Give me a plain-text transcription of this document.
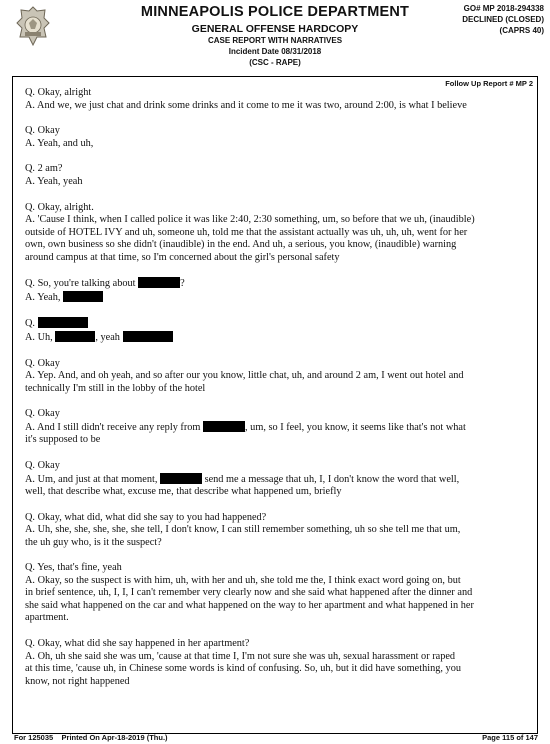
MINNEAPOLIS POLICE DEPARTMENT
GENERAL OFFENSE HARDCOPY
CASE REPORT WITH NARRATIVES
Incident Date 08/31/2018
(CSC - RAPE)
GO# MP 2018-294338
DECLINED (CLOSED)
(CAPRS 40)
Follow Up Report # MP 2
Q. Okay, alright
A. And we, we just chat and drink some drinks and it come to me it was two, around 2:00, is what I believe
Q. Okay
A. Yeah, and uh,
Q. 2 am?
A. Yeah, yeah
Q. Okay, alright.
A. 'Cause I think, when I called police it was like 2:40, 2:30 something, um, so before that we uh, (inaudible)
outside of HOTEL IVY and uh, someone uh, told me that the assistant actually was uh, uh, uh, went for her
own, own business so she didn't (inaudible) in the end. And uh, a serious, you know, (inaudible) warning
around campus at that time, so I'm concerned about the girl's personal safety
Q. So, you're talking about	?
A. Yeah,
Q.
A. Uh,	, yeah
Q. Okay
A. Yep. And, and oh yeah, and so after our you know, little chat, uh, and around 2 am, I went out hotel and
technically I'm still in the lobby of the hotel
Q. Okay
A. And I still didn't receive any reply from	, um, so I feel, you know, it seems like that's not what
it's supposed to be
Q. Okay
A. Um, and just at that moment,	send me a message that uh, I, I don't know the word that well,
well, that describe what, excuse me, that describe what happened um, briefly
Q. Okay, what did, what did she say to you had happened?
A. Uh, she, she, she, she, she tell, I don't know, I can still remember something, uh so she tell me that um,
the uh guy who, is it the suspect?
Q. Yes, that's fine, yeah
A. Okay, so the suspect is with him, uh, with her and uh, she told me the, I think exact word going on, but
in brief sentence, uh, I, I, I can't remember very clearly now and she said what happened after the dinner and
she said what happened on the car and what happened on the way to her apartment and what happened in her
apartment.
Q. Okay, what did she say happened in her apartment?
A. Oh, uh she said she was um, 'cause at that time I, I'm not sure she was uh, sexual harassment or raped
at this time, 'cause uh, in Chinese some words is kind of confusing. So, uh, but it did have something, you
know, not right happened
For 125035 Printed On Apr-18-2019 (Thu.)	Page 115 of 147
